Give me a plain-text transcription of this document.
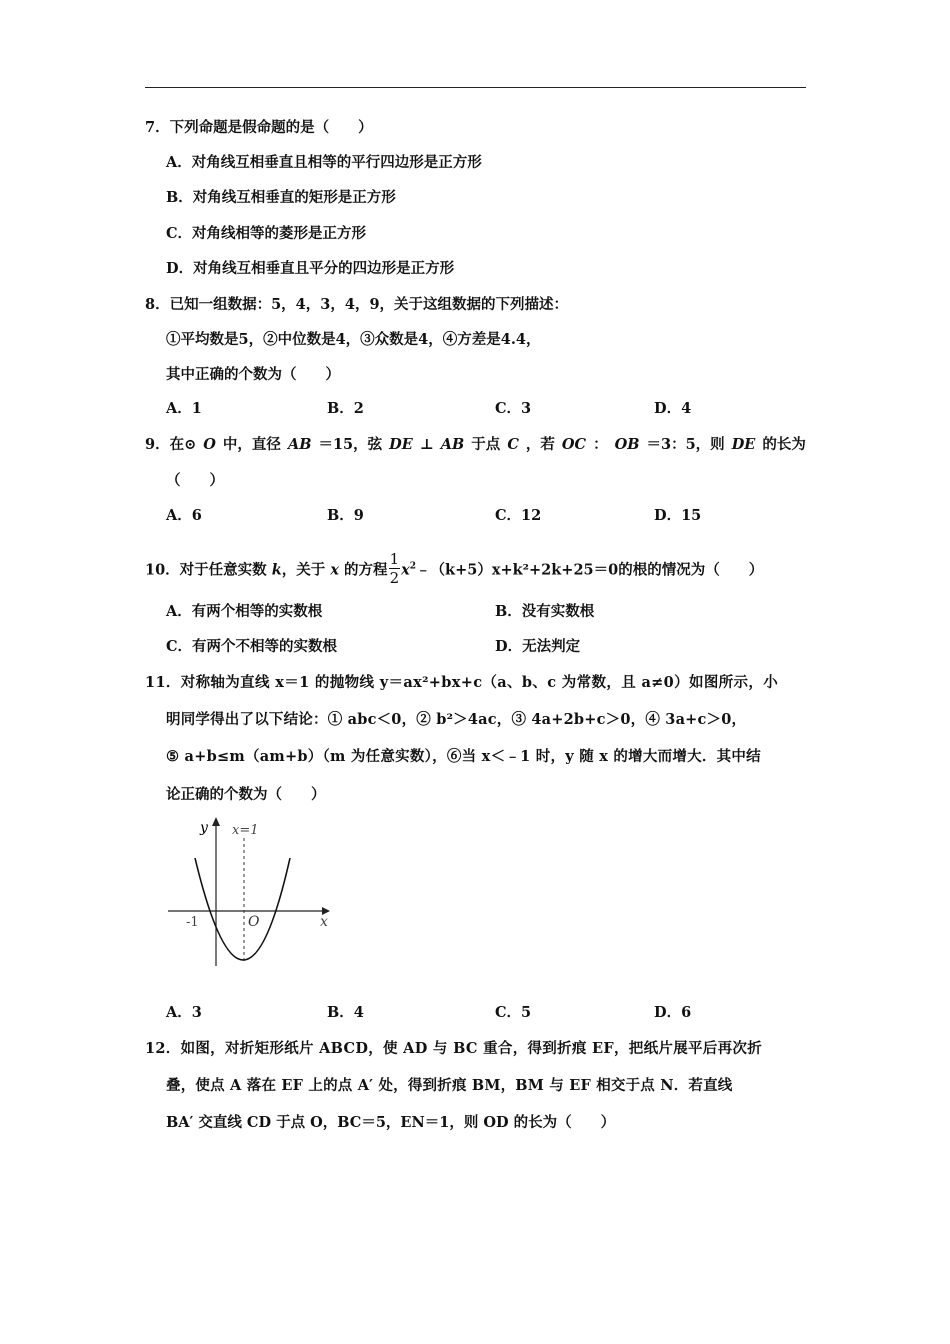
7．下列命题是假命题的是（　　）
A．对角线互相垂直且相等的平行四边形是正方形
B．对角线互相垂直的矩形是正方形
C．对角线相等的菱形是正方形
D．对角线互相垂直且平分的四边形是正方形
8．已知一组数据：5，4，3，4，9，关于这组数据的下列描述：
①平均数是5，②中位数是4，③众数是4，④方差是4.4，
其中正确的个数为（　　）
A．1	B．2	C．3	D．4
9．在⊙ O 中，直径 AB ＝15，弦 DE ⊥ AB 于点 C ，若 OC ： OB ＝3：5，则 DE 的长为
（　　）
A．6	B．9	C．12	D．15
10．对于任意实数 k，关于 x 的方程 $\frac{1}{2}$ $x^2﹣(k+5)x+k^2+2k+25=0$的根的情况为（　　）
A．有两个相等的实数根	B．没有实数根
C．有两个不相等的实数根	D．无法判定
11．对称轴为直线 x＝1 的抛物线 y＝ax²+bx+c（a、b、c 为常数，且 a≠0）如图所示，小
明同学得出了以下结论：① abc＜0，② b²＞4ac，③ 4a+2b+c＞0，④ 3a+c＞0，
⑤ a+b≤m（am+b）（m 为任意实数），⑥当 x＜﹣1 时，y 随 x 的增大而增大．其中结
论正确的个数为（　　）
y x=1
-1	O	x
A．3	B．4	C．5	D．6
12．如图，对折矩形纸片 ABCD，使 AD 与 BC 重合，得到折痕 EF，把纸片展平后再次折
叠，使点 A 落在 EF 上的点 A′ 处，得到折痕 BM，BM 与 EF 相交于点 N．若直线
BA′ 交直线 CD 于点 O，BC＝5，EN＝1，则 OD 的长为（　　）
